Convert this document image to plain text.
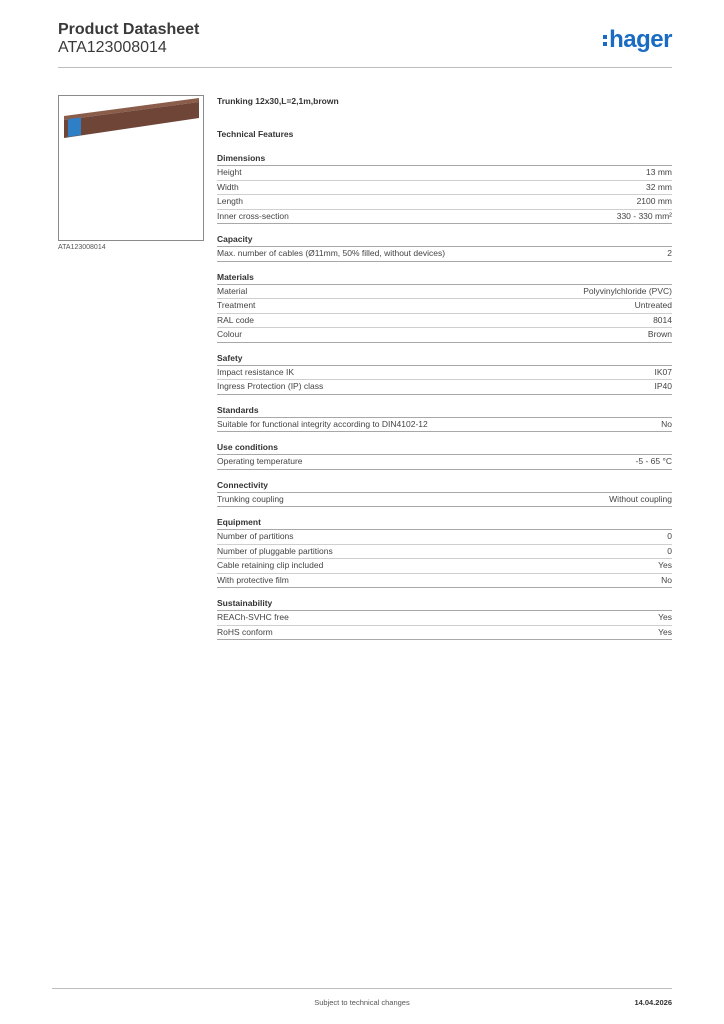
Product Datasheet
ATA123008014	hager
ATA123008014
Trunking 12x30,L=2,1m,brown
Technical Features
Dimensions
Height	13 mm
Width	32 mm
Length	2100 mm
Inner cross-section	330 - 330 mm²
Capacity
Max. number of cables (Ø11mm, 50% filled, without devices)	2
Materials
Material	Polyvinylchloride (PVC)
Treatment	Untreated
RAL code	8014
Colour	Brown
Safety
Impact resistance IK	IK07
Ingress Protection (IP) class	IP40
Standards
Suitable for functional integrity according to DIN4102-12	No
Use conditions
Operating temperature	-5 - 65 °C
Connectivity
Trunking coupling	Without coupling
Equipment
Number of partitions	0
Number of pluggable partitions	0
Cable retaining clip included	Yes
With protective film	No
Sustainability
REACh-SVHC free	Yes
RoHS conform	Yes
Subject to technical changes	14.04.2026
